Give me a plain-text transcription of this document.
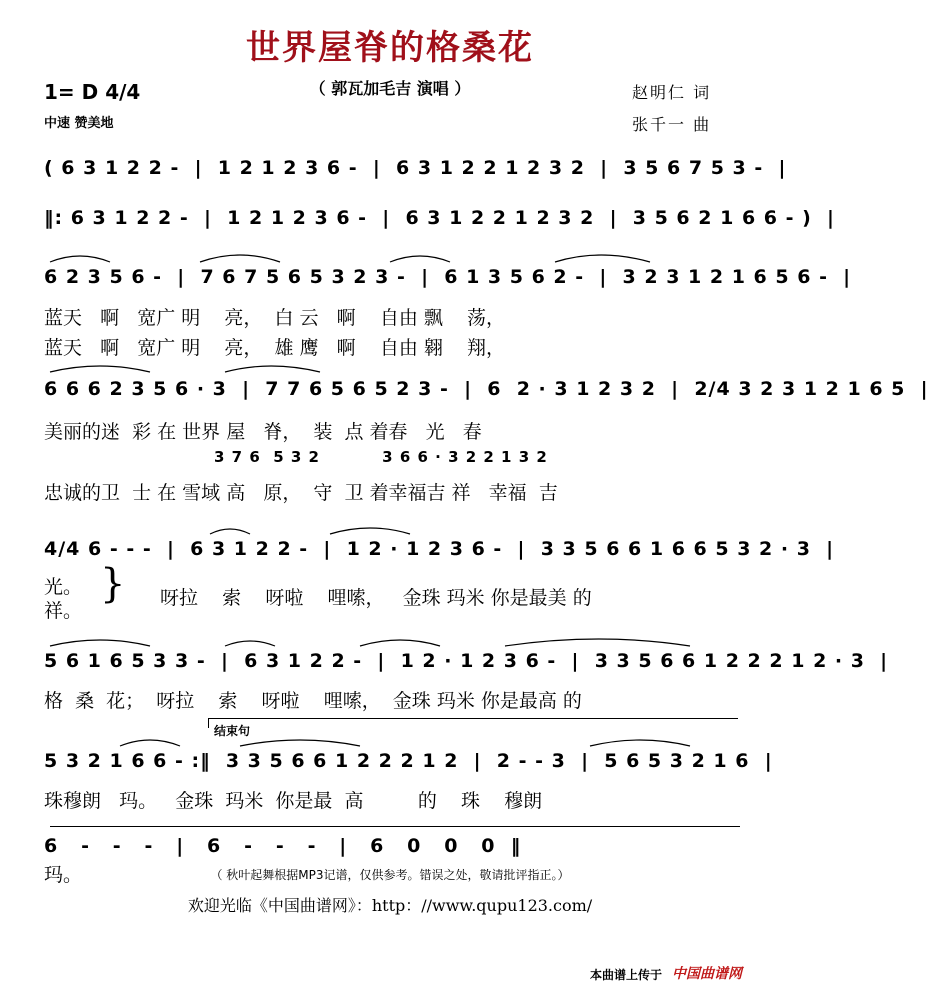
世界屋脊的格桑花
（ 郭瓦加毛吉 演唱 ）
1= D 4/4
中速 赞美地
赵明仁 词
张千一 曲
( 6 3 1 2 2 -  |  1 2 1 2 3 6 -  |  6 3 1 2 2 1 2 3 2  |  3 5 6 7 5 3 -  |
‖: 6 3 1 2 2 -  |  1 2 1 2 3 6 -  |  6 3 1 2 2 1 2 3 2  |  3 5 6 2 1 6 6 - )  |
6 2 3 5 6 -  |  7 6 7 5 6 5 3 2 3 -  |  6 1 3 5 6 2 -  |  3 2 3 1 2 1 6 5 6 -  |
蓝天   啊   宽广 明    亮，  白 云   啊    自由 飘    荡，
蓝天   啊   宽广 明    亮，  雄 鹰   啊    自由 翱    翔，
6 6 6 2 3 5 6 · 3  |  7 7 6 5 6 5 2 3 -  |  6  2 · 3 1 2 3 2  |  2/4 3 2 3 1 2 1 6 5  |
美丽的迷  彩 在 世界 屋   脊，  装  点 着春   光   春
3 7 6  5 3 2          3 6 6 · 3 2 2 1 3 2
忠诚的卫  士 在 雪域 高   原，  守  卫 着幸福吉 祥   幸福  吉
4/4 6 - - -  |  6 3 1 2 2 -  |  1 2 · 1 2 3 6 -  |  3 3 5 6 6 1 6 6 5 3 2 · 3  |
光。
祥。
} 呀拉    索    呀啦    哩嗦，   金珠 玛米 你是最美 的
5 6 1 6 5 3 3 -  |  6 3 1 2 2 -  |  1 2 · 1 2 3 6 -  |  3 3 5 6 6 1 2 2 2 1 2 · 3  |
格  桑  花；  呀拉    索    呀啦    哩嗦，  金珠 玛米 你是最高 的
结束句
5 3 2 1 6 6 - :‖  3 3 5 6 6 1 2 2 2 1 2  |  2 - - 3  |  5 6 5 3 2 1 6  |
珠穆朗   玛。   金珠  玛米  你是最  高         的    珠    穆朗
6   -   -   -   |   6   -   -   -   |   6   0   0   0  ‖
玛。	（ 秋叶起舞根据MP3记谱，仅供参考。错误之处，敬请批评指正。）
欢迎光临《中国曲谱网》：http：//www.qupu123.com/
本曲谱上传于 中国曲谱网
